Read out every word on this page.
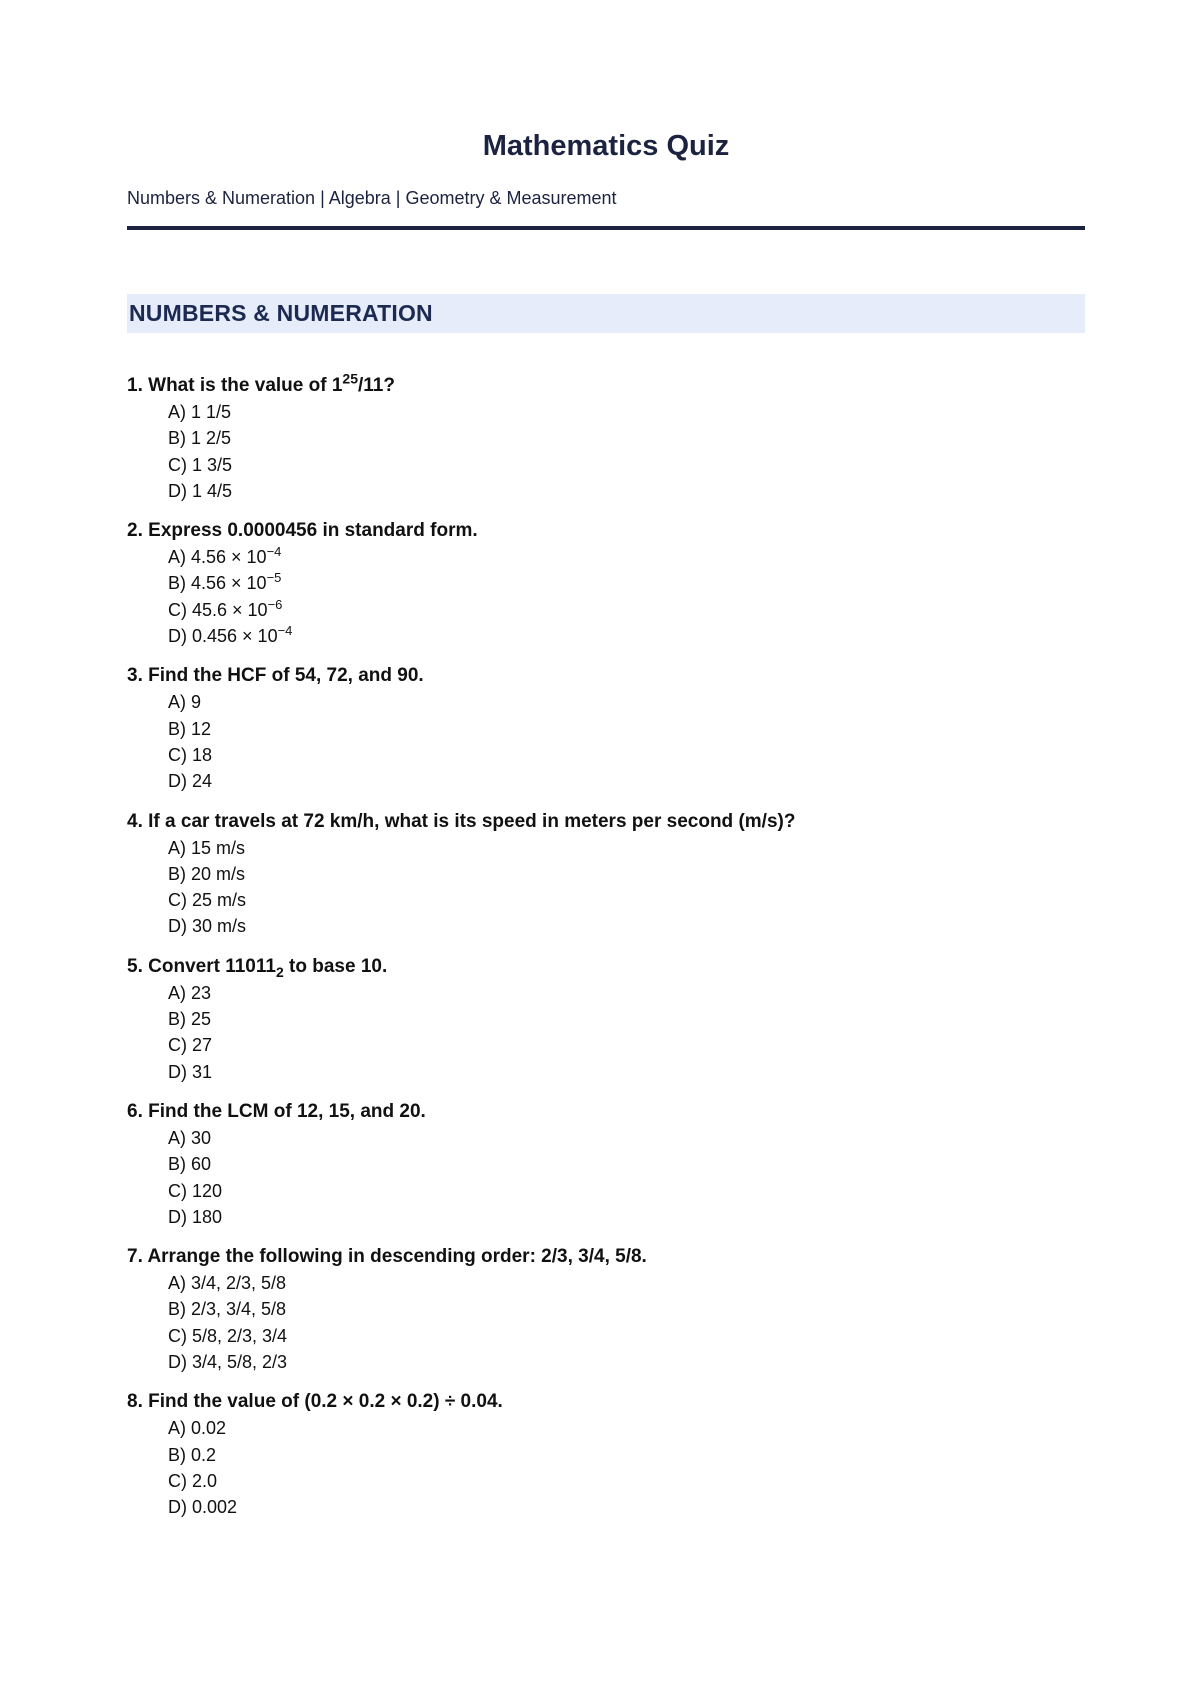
Mathematics Quiz
Numbers & Numeration | Algebra | Geometry & Measurement
NUMBERS & NUMERATION
1. What is the value of $1^{25}/11$?
A) 1 1/5
B) 1 2/5
C) 1 3/5
D) 1 4/5
2. Express 0.0000456 in standard form.
A) $4.56 \times 10^{-4}$
B) $4.56 \times 10^{-5}$
C) $45.6 \times 10^{-6}$
D) $0.456 \times 10^{-4}$
3. Find the HCF of 54, 72, and 90.
A) 9
B) 12
C) 18
D) 24
4. If a car travels at 72 km/h, what is its speed in meters per second (m/s)?
A) 15 m/s
B) 20 m/s
C) 25 m/s
D) 30 m/s
5. Convert $11011_2$ to base 10.
A) 23
B) 25
C) 27
D) 31
6. Find the LCM of 12, 15, and 20.
A) 30
B) 60
C) 120
D) 180
7. Arrange the following in descending order: 2/3, 3/4, 5/8.
A) 3/4, 2/3, 5/8
B) 2/3, 3/4, 5/8
C) 5/8, 2/3, 3/4
D) 3/4, 5/8, 2/3
8. Find the value of (0.2 × 0.2 × 0.2) ÷ 0.04.
A) 0.02
B) 0.2
C) 2.0
D) 0.002
